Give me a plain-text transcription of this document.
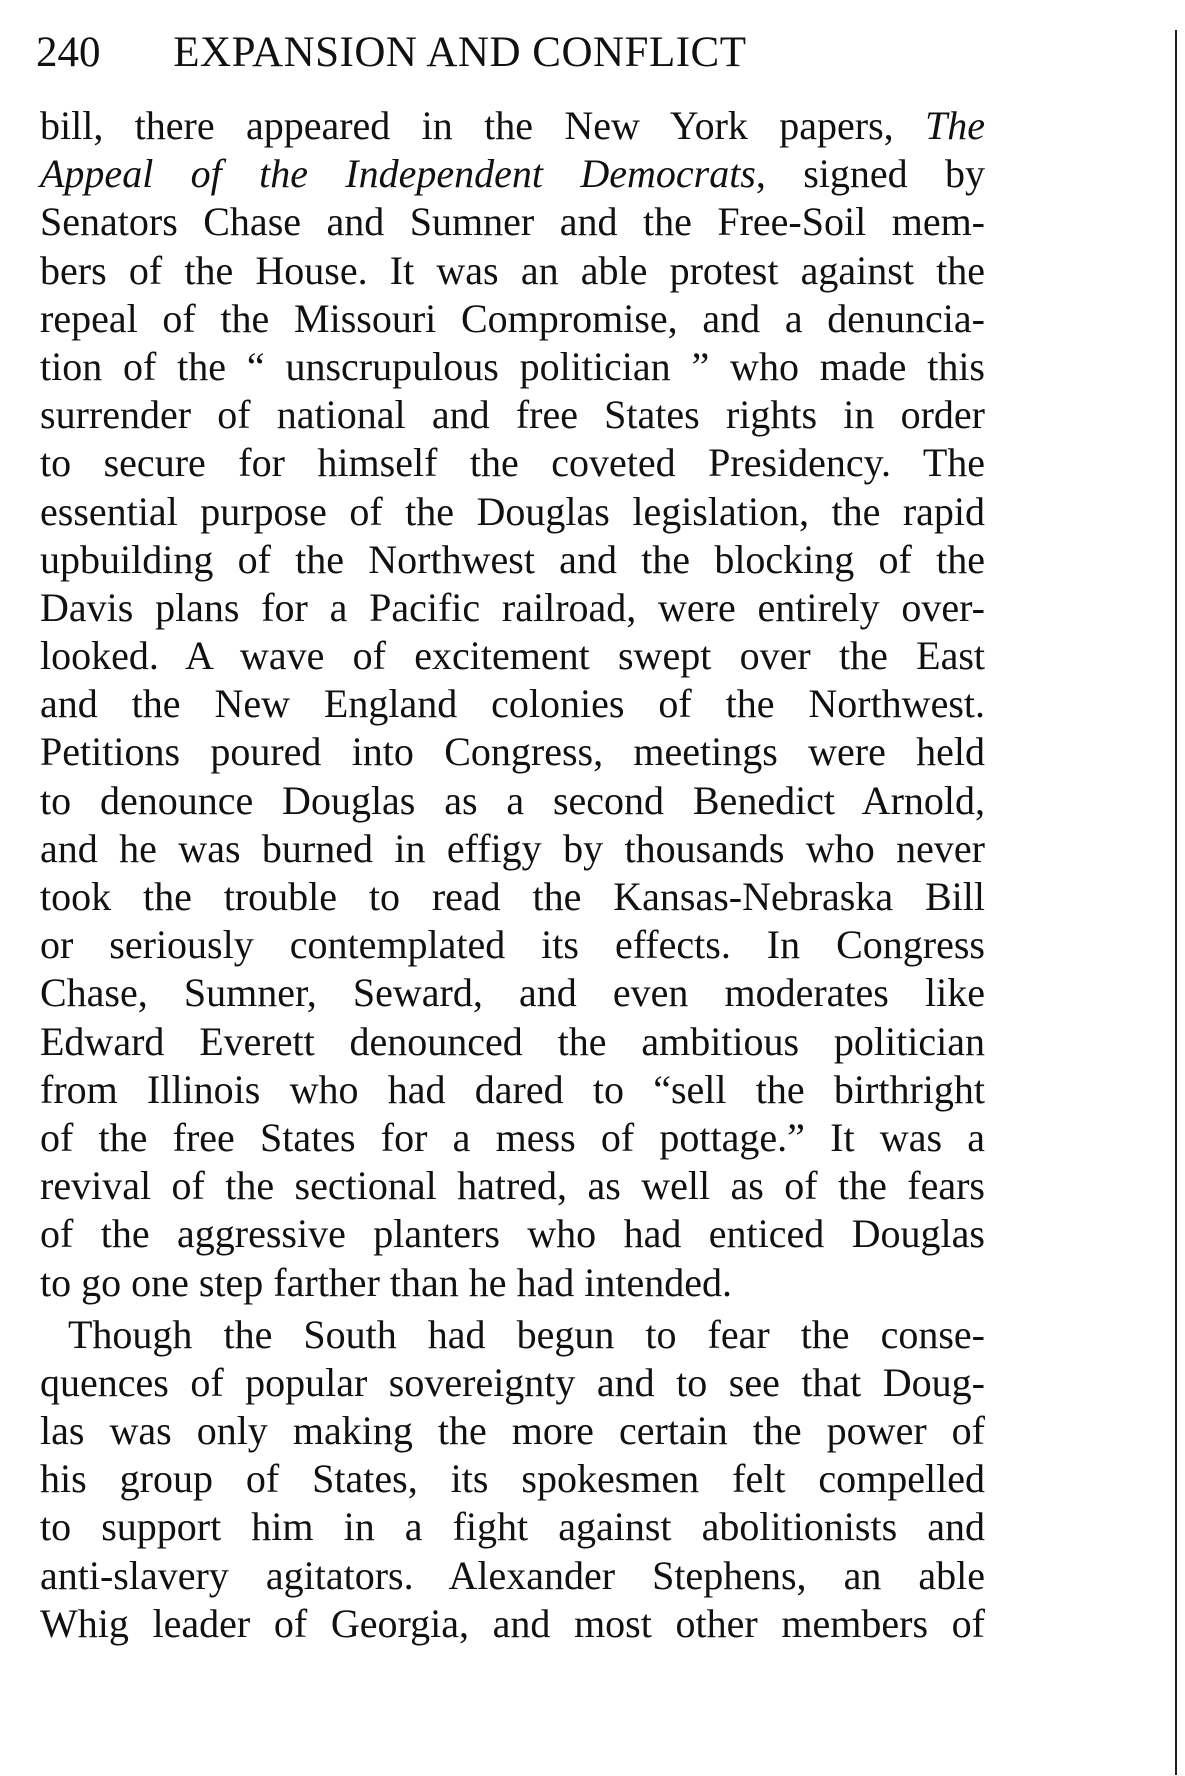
240 EXPANSION AND CONFLICT
bill, there appeared in the New York papers, The
Appeal of the Independent Democrats, signed by
Senators Chase and Sumner and the Free-Soil mem-
bers of the House. It was an able protest against the
repeal of the Missouri Compromise, and a denuncia-
tion of the “ unscrupulous politician ” who made this
surrender of national and free States rights in order
to secure for himself the coveted Presidency. The
essential purpose of the Douglas legislation, the rapid
upbuilding of the Northwest and the blocking of the
Davis plans for a Pacific railroad, were entirely over-
looked. A wave of excitement swept over the East
and the New England colonies of the Northwest.
Petitions poured into Congress, meetings were held
to denounce Douglas as a second Benedict Arnold,
and he was burned in effigy by thousands who never
took the trouble to read the Kansas-Nebraska Bill
or seriously contemplated its effects. In Congress
Chase, Sumner, Seward, and even moderates like
Edward Everett denounced the ambitious politician
from Illinois who had dared to “sell the birthright
of the free States for a mess of pottage.” It was a
revival of the sectional hatred, as well as of the fears
of the aggressive planters who had enticed Douglas
to go one step farther than he had intended.
Though the South had begun to fear the conse-
quences of popular sovereignty and to see that Doug-
las was only making the more certain the power of
his group of States, its spokesmen felt compelled
to support him in a fight against abolitionists and
anti-slavery agitators. Alexander Stephens, an able
Whig leader of Georgia, and most other members of
